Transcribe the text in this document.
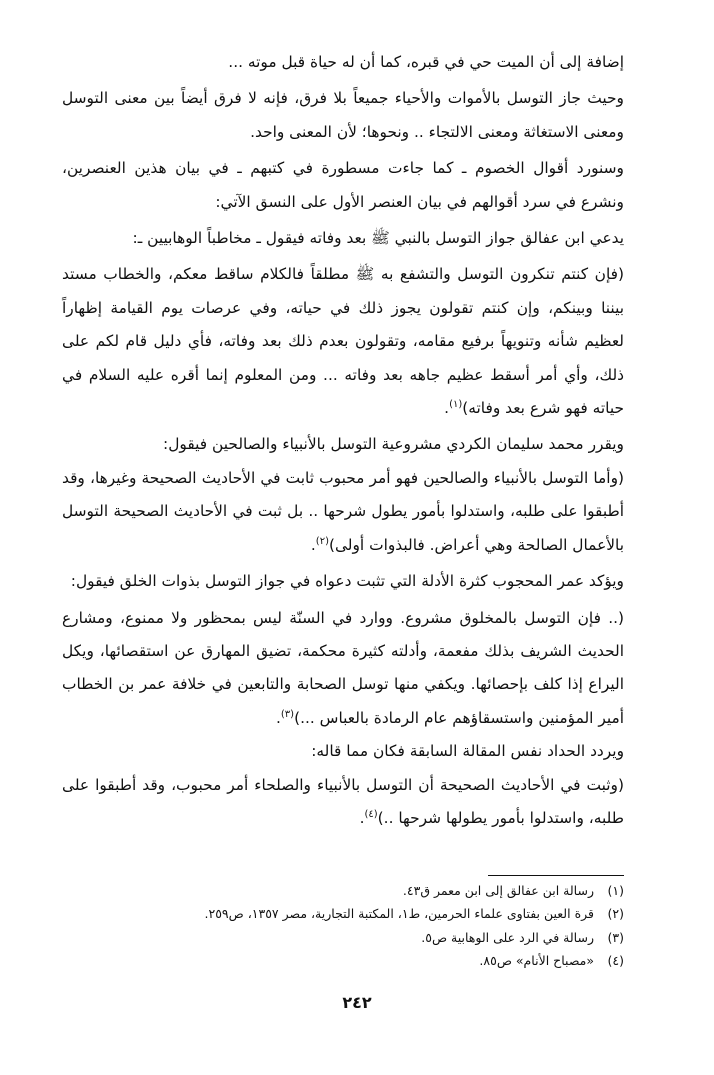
إضافة إلى أن الميت حي في قبره، كما أن له حياة قبل موته ...

وحيث جاز التوسل بالأموات والأحياء جميعاً بلا فرق، فإنه لا فرق أيضاً بين معنى التوسل ومعنى الاستغاثة ومعنى الالتجاء .. ونحوها؛ لأن المعنى واحد.

وسنورد أقوال الخصوم ـ كما جاءت مسطورة في كتبهم ـ في بيان هذين العنصرين، ونشرع في سرد أقوالهم في بيان العنصر الأول على النسق الآتي:

يدعي ابن عفالق جواز التوسل بالنبي ﷺ بعد وفاته فيقول ـ مخاطباً الوهابيين ـ:

(فإن كنتم تنكرون التوسل والتشفع به ﷺ مطلقاً فالكلام ساقط معكم، والخطاب مستد بيننا وبينكم، وإن كنتم تقولون يجوز ذلك في حياته، وفي عرصات يوم القيامة إظهاراً لعظيم شأنه وتنويهاً برفيع مقامه، وتقولون بعدم ذلك بعد وفاته، فأي دليل قام لكم على ذلك، وأي أمر أسقط عظيم جاهه بعد وفاته ... ومن المعلوم إنما أقره عليه السلام في حياته فهو شرع بعد وفاته)$^{(١)}$.

ويقرر محمد سليمان الكردي مشروعية التوسل بالأنبياء والصالحين فيقول:

(وأما التوسل بالأنبياء والصالحين فهو أمر محبوب ثابت في الأحاديث الصحيحة وغيرها، وقد أطبقوا على طلبه، واستدلوا بأمور يطول شرحها .. بل ثبت في الأحاديث الصحيحة التوسل بالأعمال الصالحة وهي أعراض. فالبذوات أولى)$^{(٢)}$.

ويؤكد عمر المحجوب كثرة الأدلة التي تثبت دعواه في جواز التوسل بذوات الخلق فيقول:

(.. فإن التوسل بالمخلوق مشروع. ووارد في السنّة ليس بمحظور ولا ممنوع، ومشارع الحديث الشريف بذلك مفعمة، وأدلته كثيرة محكمة، تضيق المهارق عن استقصائها، ويكل اليراع إذا كلف بإحصائها. ويكفي منها توسل الصحابة والتابعين في خلافة عمر بن الخطاب أمير المؤمنين واستسقاؤهم عام الرمادة بالعباس ...)$^{(٣)}$.

ويردد الحداد نفس المقالة السابقة فكان مما قاله:

(وثبت في الأحاديث الصحيحة أن التوسل بالأنبياء والصلحاء أمر محبوب، وقد أطبقوا على طلبه، واستدلوا بأمور يطولها شرحها ..)$^{(٤)}$.

(١)رسالة ابن عفالق إلى ابن معمر ق٤٣.
(٢)قرة العين بفتاوى علماء الحرمين، ط١، المكتبة التجارية، مصر ١٣٥٧، ص٢٥٩.
(٣)رسالة في الرد على الوهابية ص٥.
(٤)«مصباح الأنام» ص٨٥.
٢٤٢
